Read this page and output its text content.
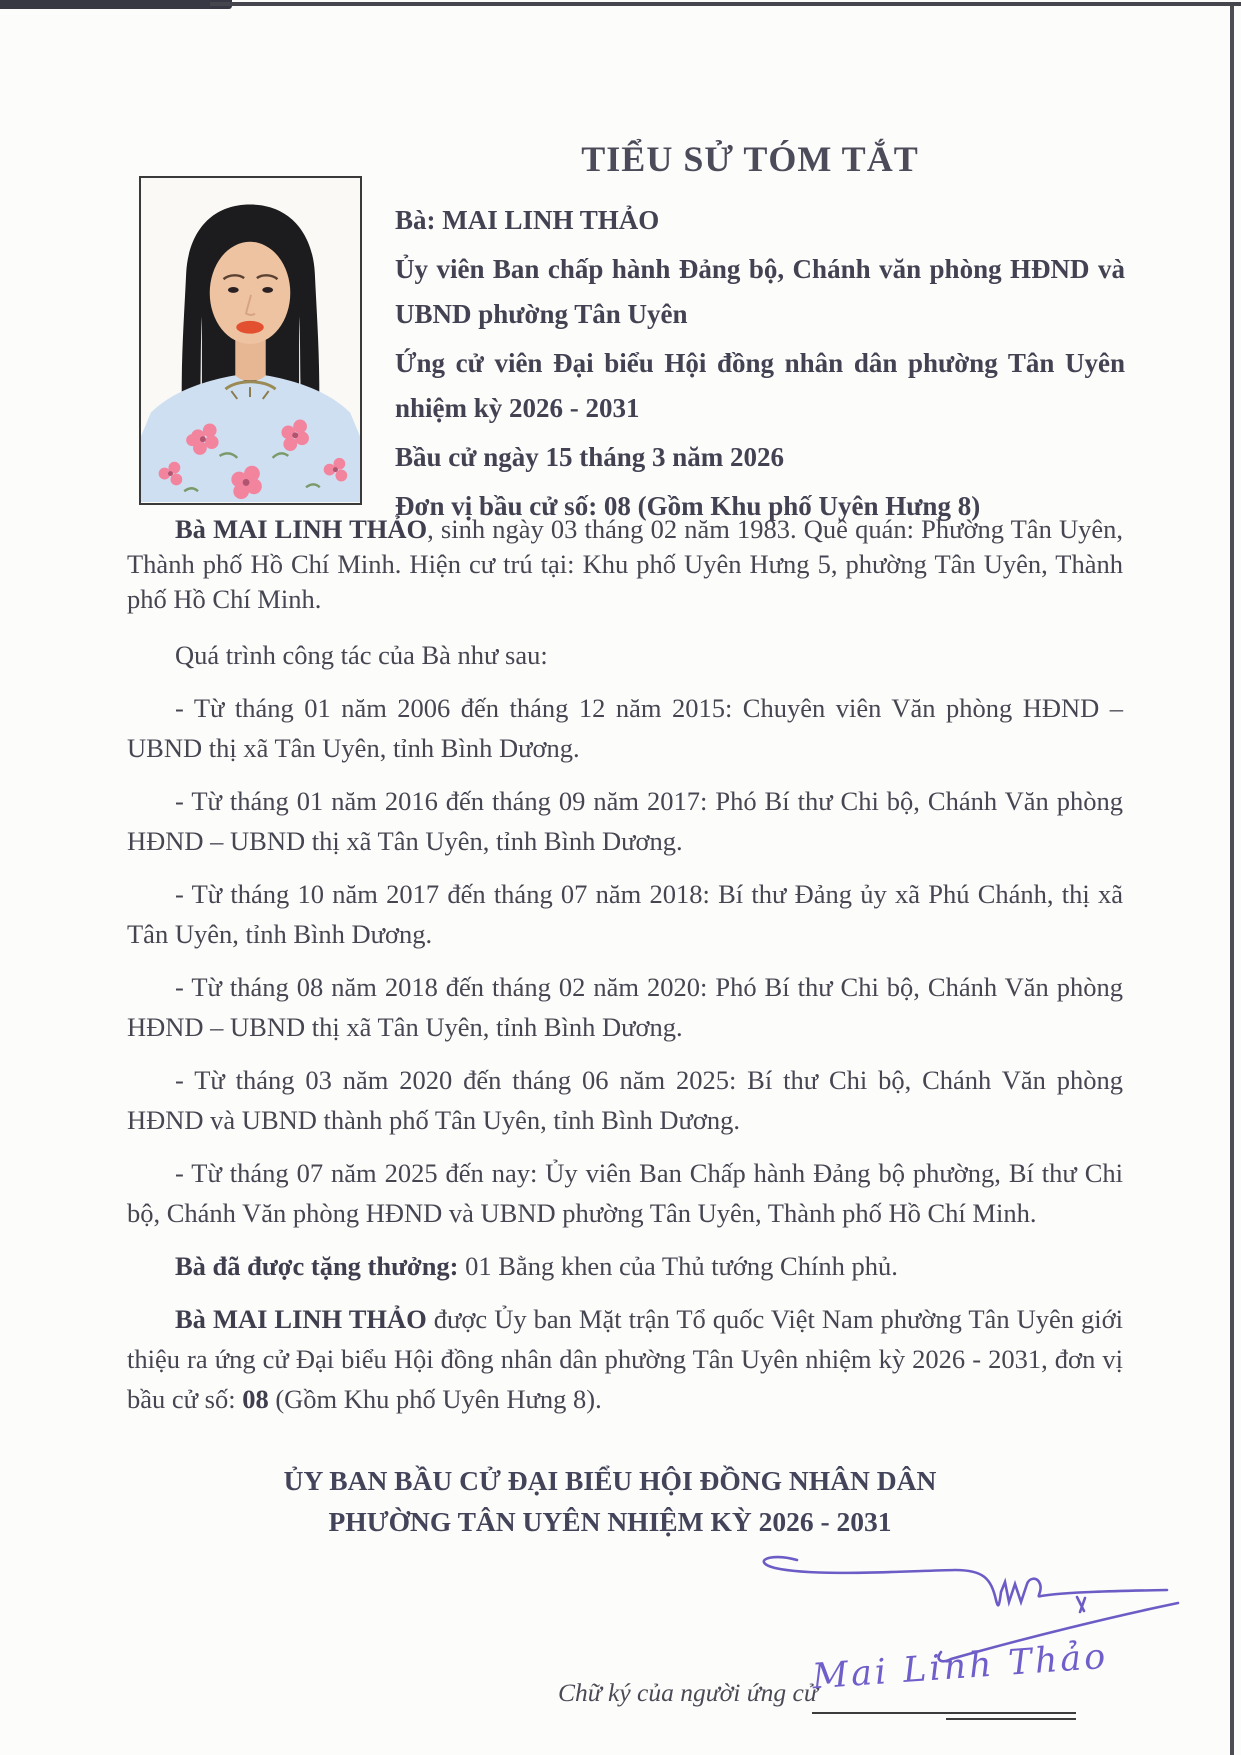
TIỂU SỬ TÓM TẮT

Bà: MAI LINH THẢO

Ủy viên Ban chấp hành Đảng bộ, Chánh văn phòng HĐND và UBND phường Tân Uyên

Ứng cử viên Đại biểu Hội đồng nhân dân phường Tân Uyên nhiệm kỳ 2026 - 2031

Bầu cử ngày 15 tháng 3 năm 2026

Đơn vị bầu cử số: 08 (Gồm Khu phố Uyên Hưng 8)

Bà MAI LINH THẢO, sinh ngày 03 tháng 02 năm 1983. Quê quán: Phường Tân Uyên, Thành phố Hồ Chí Minh. Hiện cư trú tại: Khu phố Uyên Hưng 5, phường Tân Uyên, Thành phố Hồ Chí Minh.

Quá trình công tác của Bà như sau:

- Từ tháng 01 năm 2006 đến tháng 12 năm 2015: Chuyên viên Văn phòng HĐND – UBND thị xã Tân Uyên, tỉnh Bình Dương.

- Từ tháng 01 năm 2016 đến tháng 09 năm 2017: Phó Bí thư Chi bộ, Chánh Văn phòng HĐND – UBND thị xã Tân Uyên, tỉnh Bình Dương.

- Từ tháng 10 năm 2017 đến tháng 07 năm 2018: Bí thư Đảng ủy xã Phú Chánh, thị xã Tân Uyên, tỉnh Bình Dương.

- Từ tháng 08 năm 2018 đến tháng 02 năm 2020: Phó Bí thư Chi bộ, Chánh Văn phòng HĐND – UBND thị xã Tân Uyên, tỉnh Bình Dương.

- Từ tháng 03 năm 2020 đến tháng 06 năm 2025: Bí thư Chi bộ, Chánh Văn phòng HĐND và UBND thành phố Tân Uyên, tỉnh Bình Dương.

- Từ tháng 07 năm 2025 đến nay: Ủy viên Ban Chấp hành Đảng bộ phường, Bí thư Chi bộ, Chánh Văn phòng HĐND và UBND phường Tân Uyên, Thành phố Hồ Chí Minh.

Bà đã được tặng thưởng: 01 Bằng khen của Thủ tướng Chính phủ.

Bà MAI LINH THẢO được Ủy ban Mặt trận Tổ quốc Việt Nam phường Tân Uyên giới thiệu ra ứng cử Đại biểu Hội đồng nhân dân phường Tân Uyên nhiệm kỳ 2026 - 2031, đơn vị bầu cử số: 08 (Gồm Khu phố Uyên Hưng 8).

ỦY BAN BẦU CỬ ĐẠI BIỂU HỘI ĐỒNG NHÂN DÂN

PHƯỜNG TÂN UYÊN NHIỆM KỲ 2026 - 2031

Chữ ký của người ứng cử
Mai Linh Thảo
